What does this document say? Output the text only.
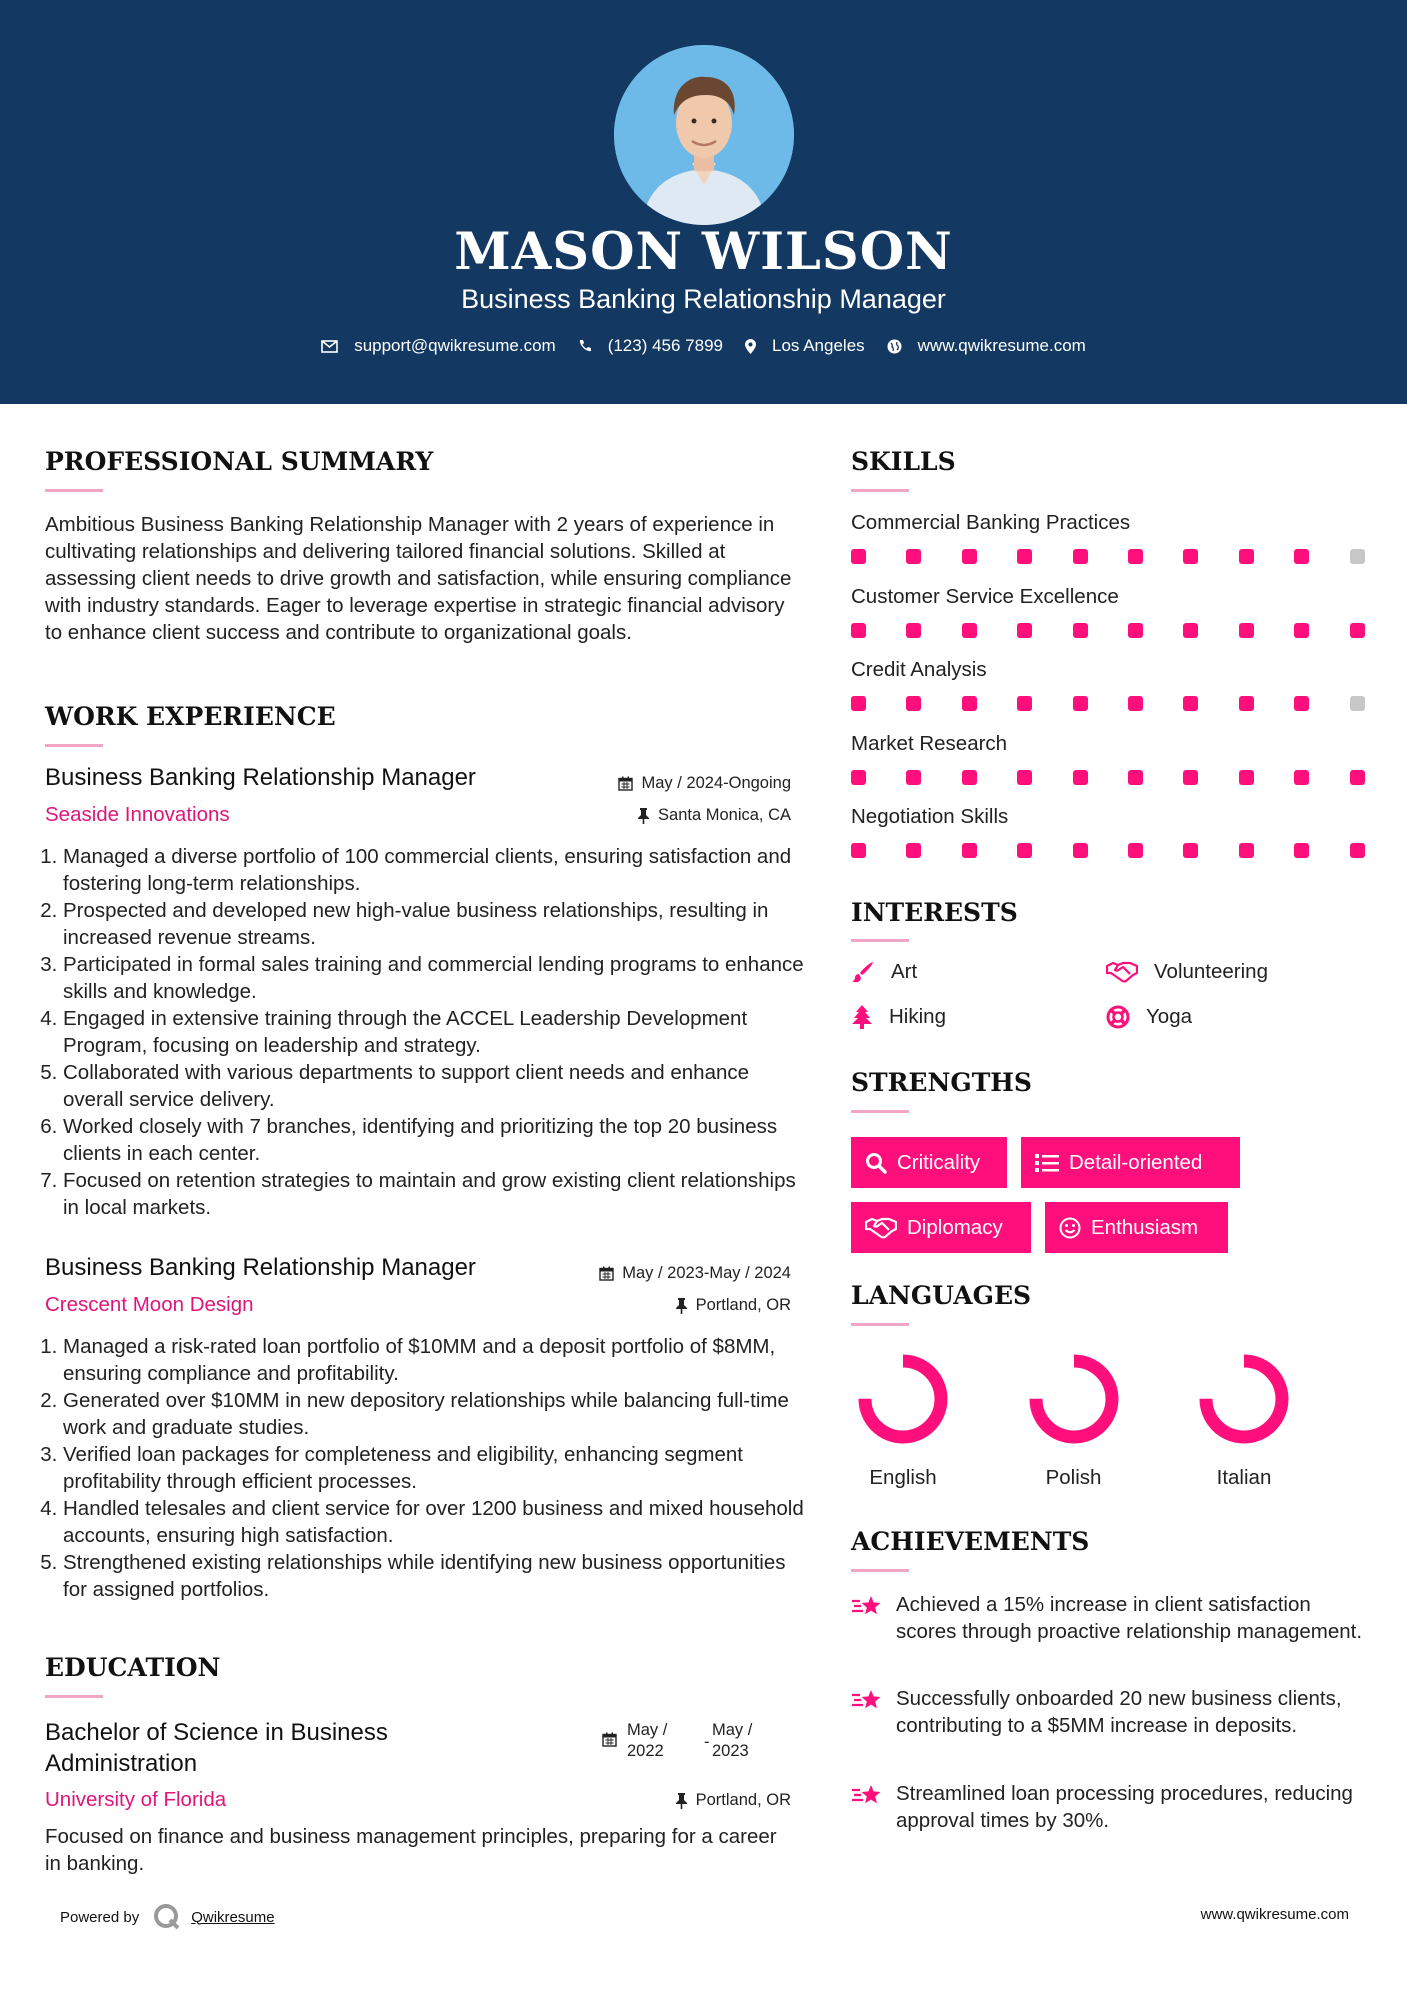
MASON WILSON
Business Banking Relationship Manager
support@qwikresume.com	(123) 456 7899	Los Angeles	www.qwikresume.com
PROFESSIONAL SUMMARY
Ambitious Business Banking Relationship Manager with 2 years of experience in cultivating relationships and delivering tailored financial solutions. Skilled at assessing client needs to drive growth and satisfaction, while ensuring compliance with industry standards. Eager to leverage expertise in strategic financial advisory to enhance client success and contribute to organizational goals.
WORK EXPERIENCE
Business Banking Relationship Manager	May / 2024-Ongoing
Seaside Innovations	Santa Monica, CA
1. Managed a diverse portfolio of 100 commercial clients, ensuring satisfaction and fostering long-term relationships.
2. Prospected and developed new high-value business relationships, resulting in increased revenue streams.
3. Participated in formal sales training and commercial lending programs to enhance skills and knowledge.
4. Engaged in extensive training through the ACCEL Leadership Development Program, focusing on leadership and strategy.
5. Collaborated with various departments to support client needs and enhance overall service delivery.
6. Worked closely with 7 branches, identifying and prioritizing the top 20 business clients in each center.
7. Focused on retention strategies to maintain and grow existing client relationships in local markets.
Business Banking Relationship Manager	May / 2023-May / 2024
Crescent Moon Design	Portland, OR
1. Managed a risk-rated loan portfolio of $10MM and a deposit portfolio of $8MM, ensuring compliance and profitability.
2. Generated over $10MM in new depository relationships while balancing full-time work and graduate studies.
3. Verified loan packages for completeness and eligibility, enhancing segment profitability through efficient processes.
4. Handled telesales and client service for over 1200 business and mixed household accounts, ensuring high satisfaction.
5. Strengthened existing relationships while identifying new business opportunities for assigned portfolios.
EDUCATION
Bachelor of Science in Business
Administration
May /
2022 -
May /
2023
University of Florida	Portland, OR
Focused on finance and business management principles, preparing for a career in banking.
SKILLS
Commercial Banking Practices
Customer Service Excellence
Credit Analysis
Market Research
Negotiation Skills
INTERESTS
Art	Volunteering
Hiking	Yoga
STRENGTHS
Criticality	Detail-oriented
Diplomacy	Enthusiasm
LANGUAGES
English	Polish	Italian
ACHIEVEMENTS
Achieved a 15% increase in client satisfaction scores through proactive relationship management.
Successfully onboarded 20 new business clients, contributing to a $5MM increase in deposits.
Streamlined loan processing procedures, reducing approval times by 30%.
Powered by	Qwikresume	www.qwikresume.com
